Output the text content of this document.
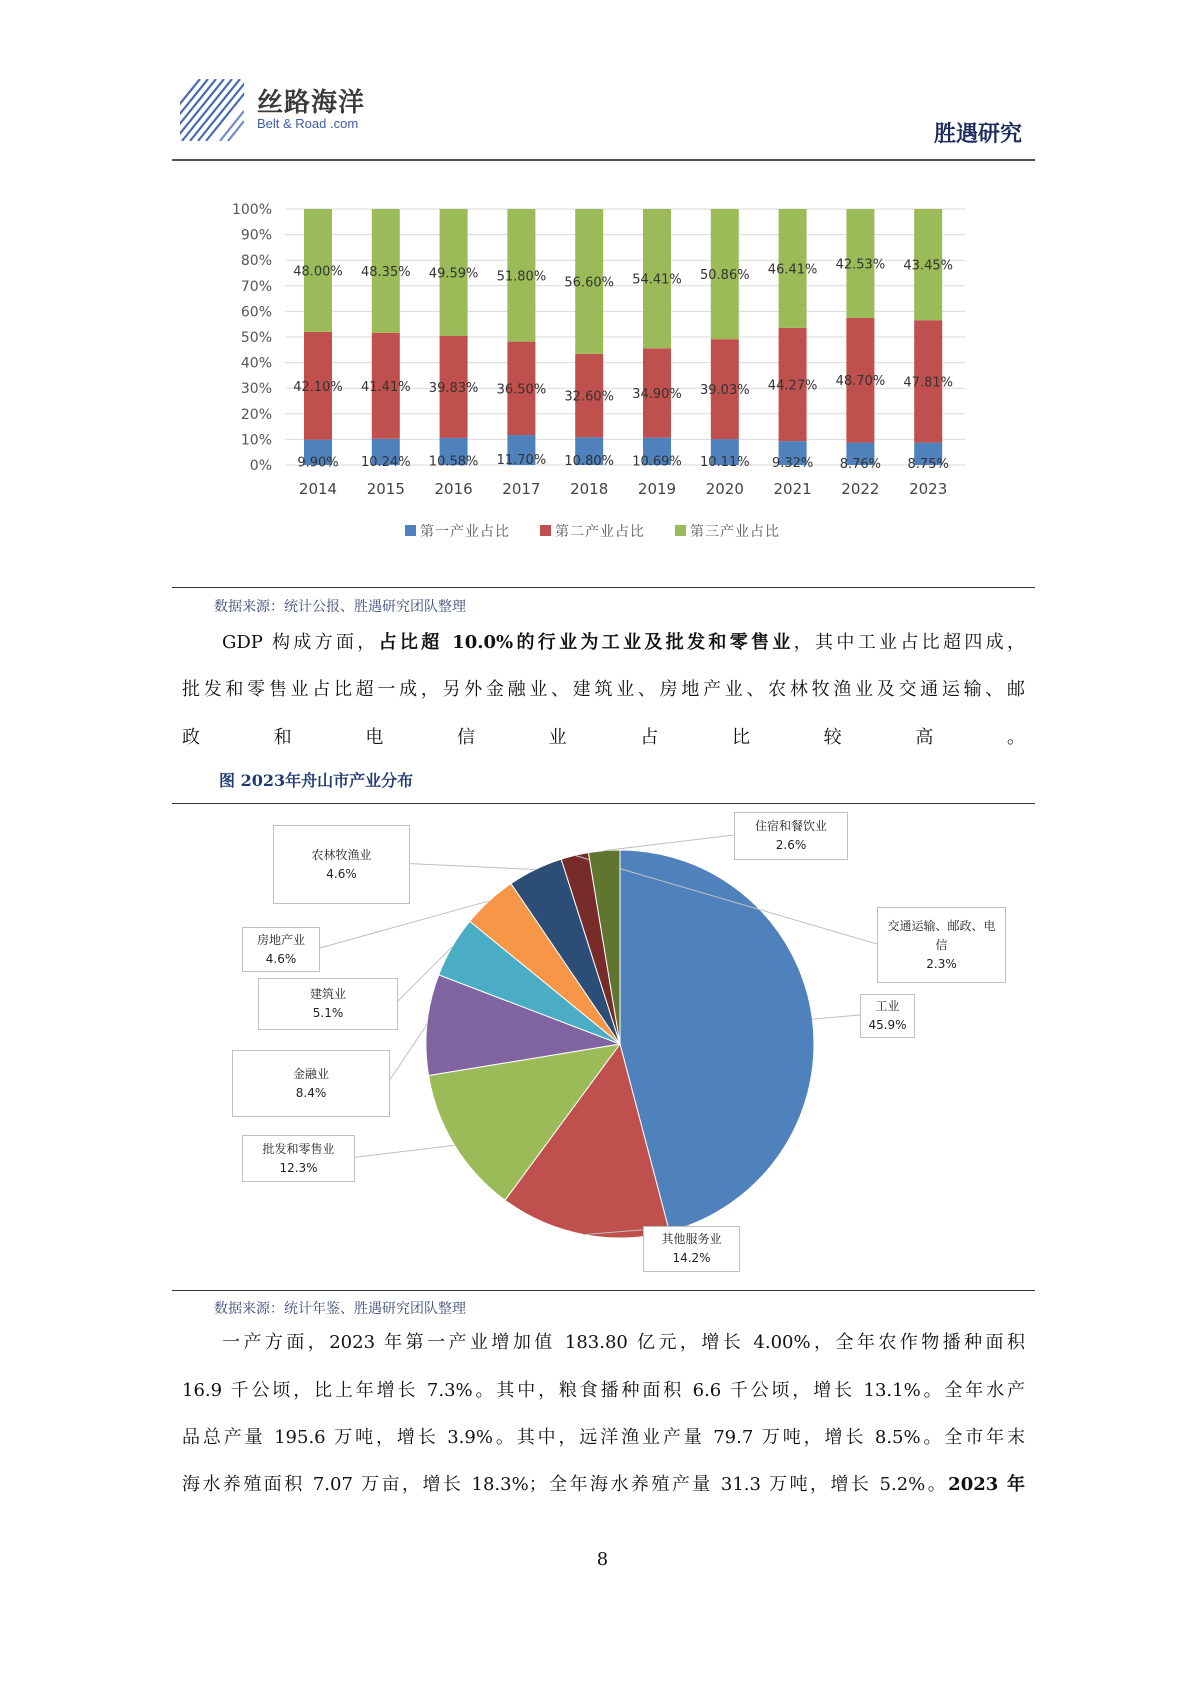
丝路海洋
Belt & Road .com	胜遇研究
0%
10%
20%
30%
40%
50%
60%
70%
80%
90%
100%
9.90%
42.10%
48.00%
2014
10.24%
41.41%
48.35%
2015
10.58%
39.83%
49.59%
2016
11.70%
36.50%
51.80%
2017
10.80%
32.60%
56.60%
2018
10.69%
34.90%
54.41%
2019
10.11%
39.03%
50.86%
2020
9.32%
44.27%
46.41%
2021
8.76%
48.70%
42.53%
2022
8.75%
47.81%
43.45%
2023
第一产业占比	第二产业占比	第三产业占比
数据来源：统计公报、胜遇研究团队整理
GDP 构成方面，占比超 10.0%的行业为工业及批发和零售业，其中工业占比超四成，
批发和零售业占比超一成，另外金融业、建筑业、房地产业、农林牧渔业及交通运输、邮
政和电信业占比较高。
图 2023年舟山市产业分布
工业
45.9%
其他服务业
14.2%
批发和零售业
12.3%
金融业
8.4%
建筑业
5.1%
房地产业
4.6%
农林牧渔业
4.6%
交通运输、邮政、电信
2.3%
住宿和餐饮业
2.6%
数据来源：统计年鉴、胜遇研究团队整理
一产方面，2023 年第一产业增加值 183.80 亿元，增长 4.00%，全年农作物播种面积
16.9 千公顷，比上年增长 7.3%。其中，粮食播种面积 6.6 千公顷，增长 13.1%。全年水产
品总产量 195.6 万吨，增长 3.9%。其中，远洋渔业产量 79.7 万吨，增长 8.5%。全市年末
海水养殖面积 7.07 万亩，增长 18.3%；全年海水养殖产量 31.3 万吨，增长 5.2%。2023 年
8
